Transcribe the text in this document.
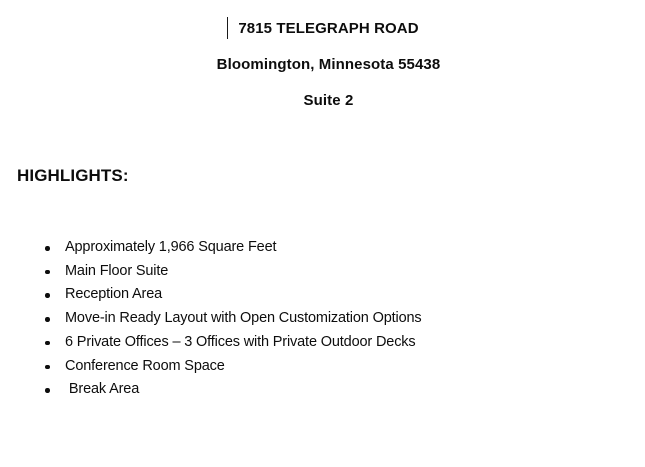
7815 TELEGRAPH ROAD

Bloomington, Minnesota 55438

Suite 2

HIGHLIGHTS:

Approximately 1,966 Square Feet
Main Floor Suite
Reception Area
Move-in Ready Layout with Open Customization Options
6 Private Offices – 3 Offices with Private Outdoor Decks
Conference Room Space
Break Area
